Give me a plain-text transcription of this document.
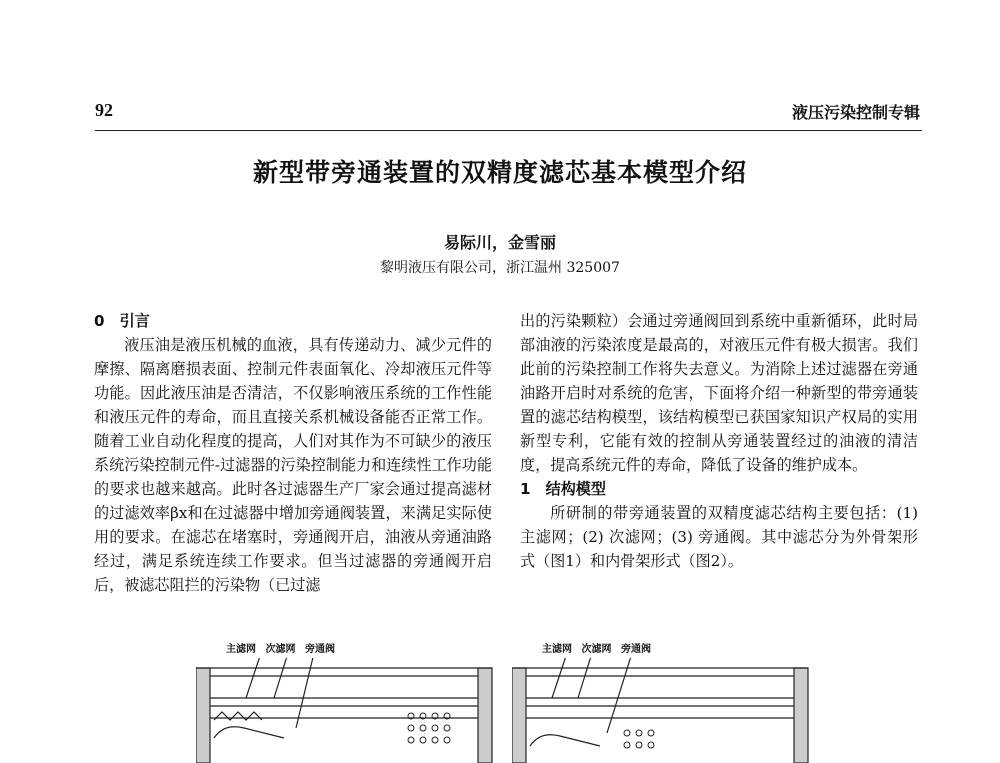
92	液压污染控制专辑
新型带旁通装置的双精度滤芯基本模型介绍
易际川，金雪丽
黎明液压有限公司，浙江温州 325007

0　引言

液压油是液压机械的血液，具有传递动力、减少元件的摩擦、隔离磨损表面、控制元件表面氧化、冷却液压元件等功能。因此液压油是否清洁，不仅影响液压系统的工作性能和液压元件的寿命，而且直接关系机械设备能否正常工作。随着工业自动化程度的提高，人们对其作为不可缺少的液压系统污染控制元件-过滤器的污染控制能力和连续性工作功能的要求也越来越高。此时各过滤器生产厂家会通过提高滤材的过滤效率βx和在过滤器中增加旁通阀装置，来满足实际使用的要求。在滤芯在堵塞时，旁通阀开启，油液从旁通油路经过，满足系统连续工作要求。但当过滤器的旁通阀开启后，被滤芯阻拦的污染物（已过滤

出的污染颗粒）会通过旁通阀回到系统中重新循环，此时局部油液的污染浓度是最高的，对液压元件有极大损害。我们此前的污染控制工作将失去意义。为消除上述过滤器在旁通油路开启时对系统的危害，下面将介绍一种新型的带旁通装置的滤芯结构模型，该结构模型已获国家知识产权局的实用新型专利，它能有效的控制从旁通装置经过的油液的清洁度，提高系统元件的寿命，降低了设备的维护成本。

1　结构模型

所研制的带旁通装置的双精度滤芯结构主要包括：(1) 主滤网；(2) 次滤网；(3) 旁通阀。其中滤芯分为外骨架形式（图1）和内骨架形式（图2）。

主滤网 次滤网 旁通阀	主滤网 次滤网 旁通阀
